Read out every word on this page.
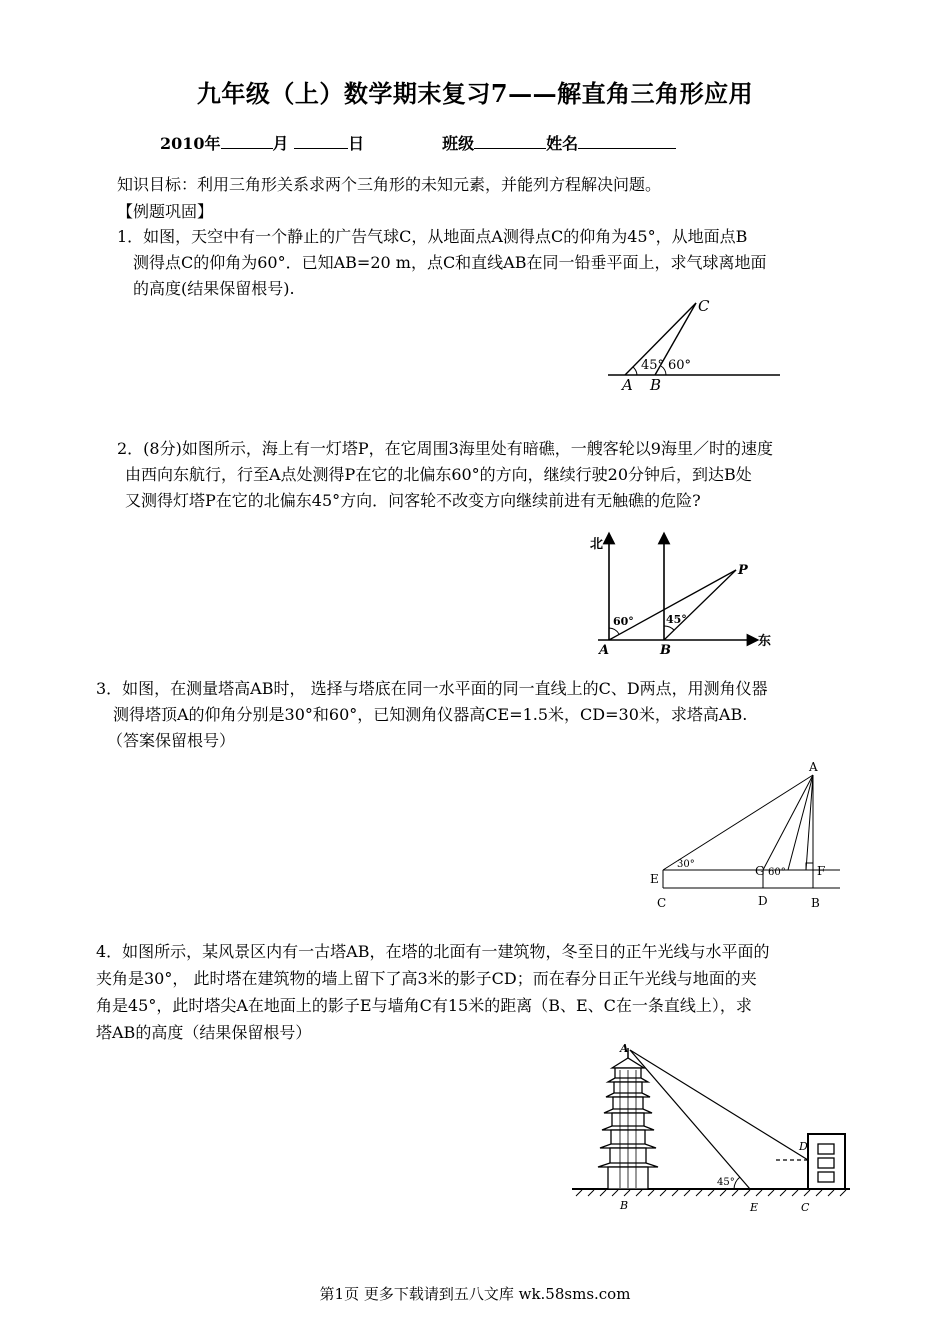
九年级（上）数学期末复习7——解直角三角形应用
2010年	月	日	班级	姓名
知识目标：利用三角形关系求两个三角形的未知元素，并能列方程解决问题。
【例题巩固】
1．如图，天空中有一个静止的广告气球C，从地面点A测得点C的仰角为45°，从地面点B
测得点C的仰角为60°．已知AB=20 m，点C和直线AB在同一铅垂平面上，求气球离地面
的高度(结果保留根号).
C
A B
45° 60°
2．(8分)如图所示，海上有一灯塔P，在它周围3海里处有暗礁，一艘客轮以9海里／时的速度
由西向东航行，行至A点处测得P在它的北偏东60°的方向，继续行驶20分钟后，到达B处
又测得灯塔P在它的北偏东45°方向．问客轮不改变方向继续前进有无触礁的危险?
北
东
P
A	B
60°	45°
3．如图，在测量塔高AB时， 选择与塔底在同一水平面的同一直线上的C、D两点，用测角仪器
测得塔顶A的仰角分别是30°和60°，已知测角仪器高CE=1.5米，CD=30米，求塔高AB.
（答案保留根号）
A
E
G	F
C	D	B
30°
60°
4．如图所示，某风景区内有一古塔AB，在塔的北面有一建筑物，冬至日的正午光线与水平面的
夹角是30°， 此时塔在建筑物的墙上留下了高3米的影子CD；而在春分日正午光线与地面的夹
角是45°，此时塔尖A在地面上的影子E与墙角C有15米的距离（B、E、C在一条直线上），求
塔AB的高度（结果保留根号）
A
D
B	E	C
45°
第1页 更多下载请到五八文库 wk.58sms.com
